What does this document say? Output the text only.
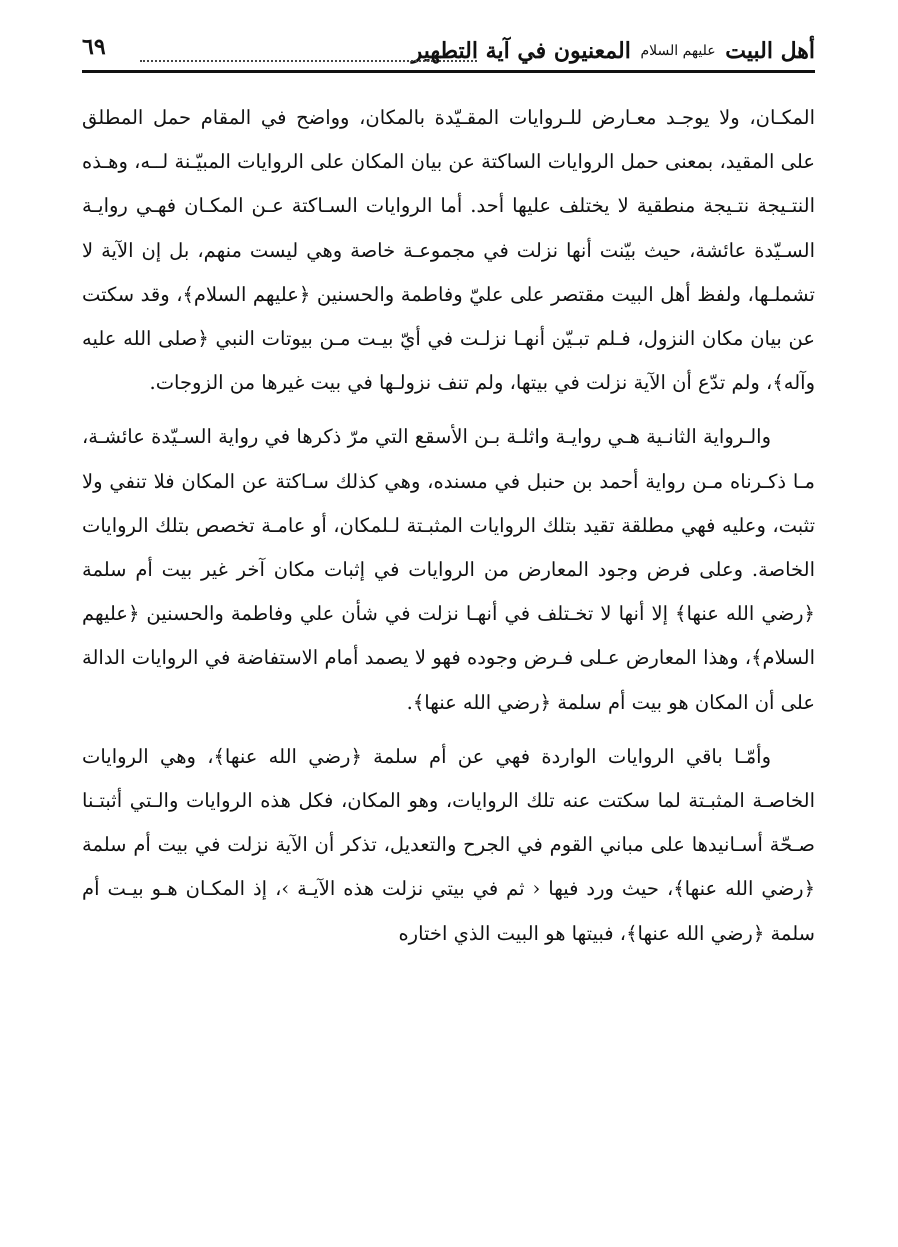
أهل البيت عليهم السلام المعنيون في آية التطهير
٦٩

المكـان، ولا يوجـد معـارض للـروايات المقـيّدة بالمكان، وواضح في المقام حمل المطلق على المقيد، بمعنى حمل الروايات الساكتة عن بيان المكان على الروايات المبيّـنة لــه، وهـذه النتـيجة نتـيجة منطقية لا يختلف عليها أحد. أما الروايات السـاكتة عـن المكـان فهـي روايـة السـيّدة عائشة، حيث بيّنت أنها نزلت في مجموعـة خاصة وهي ليست منهم، بل إن الآية لا تشملـها، ولفظ أهل البيت مقتصر على عليّ وفاطمة والحسنين ﴿عليهم السلام﴾، وقد سكتت عن بيان مكان النزول، فـلم تبـيّن أنهـا نزلـت في أيّ بيـت مـن بيوتات النبي ﴿صلى الله عليه وآله﴾، ولم تدّع أن الآية نزلت في بيتها، ولم تنف نزولـها في بيت غيرها من الزوجات.

والـرواية الثانـية هـي روايـة واثلـة بـن الأسقع التي مرّ ذكرها في رواية السـيّدة عائشـة، مـا ذكـرناه مـن رواية أحمد بن حنبل في مسنده، وهي كذلك سـاكتة عن المكان فلا تنفي ولا تثبت، وعليه فهي مطلقة تقيد بتلك الروايات المثبـتة لـلمكان، أو عامـة تخصص بتلك الروايات الخاصة. وعلى فرض وجود المعارض من الروايات في إثبات مكان آخر غير بيت أم سلمة ﴿رضي الله عنها﴾ إلا أنها لا تخـتلف في أنهـا نزلت في شأن علي وفاطمة والحسنين ﴿عليهم السلام﴾، وهذا المعارض عـلى فـرض وجوده فهو لا يصمد أمام الاستفاضة في الروايات الدالة على أن المكان هو بيت أم سلمة ﴿رضي الله عنها﴾.

وأمّـا باقي الروايات الواردة فهي عن أم سلمة ﴿رضي الله عنها﴾، وهي الروايات الخاصـة المثبـتة لما سكتت عنه تلك الروايات، وهو المكان، فكل هذه الروايات والـتي أثبتـنا صـحّة أسـانيدها على مباني القوم في الجرح والتعديل، تذكر أن الآية نزلت في بيت أم سلمة ﴿رضي الله عنها﴾، حيث ورد فيها ‹ ثم في بيتي نزلت هذه الآيـة ›، إذ المكـان هـو بيـت أم سلمة ﴿رضي الله عنها﴾، فبيتها هو البيت الذي اختاره
